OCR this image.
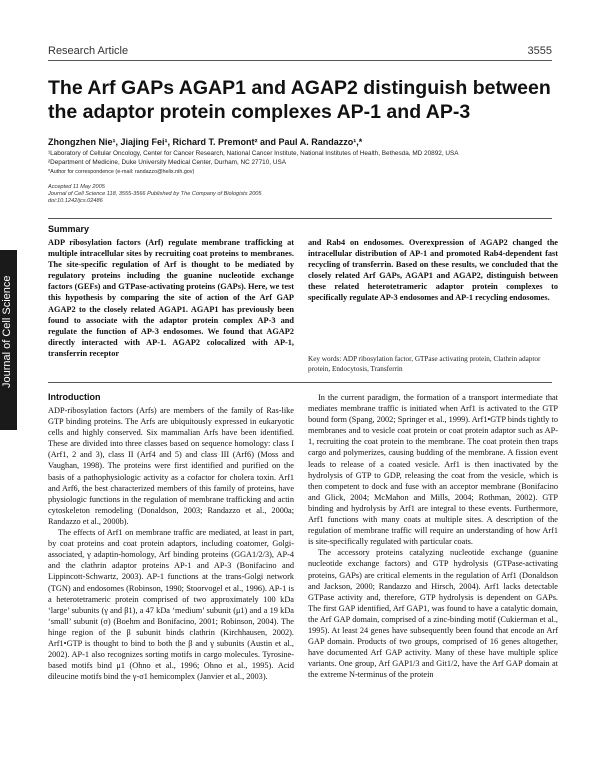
Research Article	3555
The Arf GAPs AGAP1 and AGAP2 distinguish between the adaptor protein complexes AP-1 and AP-3
Zhongzhen Nie¹, Jiajing Fei¹, Richard T. Premont² and Paul A. Randazzo¹,*
¹Laboratory of Cellular Oncology, Center for Cancer Research, National Cancer Institute, National Institutes of Health, Bethesda, MD 20892, USA
²Department of Medicine, Duke University Medical Center, Durham, NC 27710, USA
*Author for correspondence (e-mail: randazzo@helix.nih.gov)
Accepted 11 May 2005
Journal of Cell Science 118, 3555-3566 Published by The Company of Biologists 2005
doi:10.1242/jcs.02486
Journal of Cell Science
Summary
ADP ribosylation factors (Arf) regulate membrane trafficking at multiple intracellular sites by recruiting coat proteins to membranes. The site-specific regulation of Arf is thought to be mediated by regulatory proteins including the guanine nucleotide exchange factors (GEFs) and GTPase-activating proteins (GAPs). Here, we test this hypothesis by comparing the site of action of the Arf GAP AGAP2 to the closely related AGAP1. AGAP1 has previously been found to associate with the adaptor protein complex AP-3 and regulate the function of AP-3 endosomes. We found that AGAP2 directly interacted with AP-1. AGAP2 colocalized with AP-1, transferrin receptor
and Rab4 on endosomes. Overexpression of AGAP2 changed the intracellular distribution of AP-1 and promoted Rab4-dependent fast recycling of transferrin. Based on these results, we concluded that the closely related Arf GAPs, AGAP1 and AGAP2, distinguish between these related heterotetrameric adaptor protein complexes to specifically regulate AP-3 endosomes and AP-1 recycling endosomes.
Key words: ADP ribosylation factor, GTPase activating protein, Clathrin adaptor protein, Endocytosis, Transferrin
Introduction

ADP-ribosylation factors (Arfs) are members of the family of Ras-like GTP binding proteins. The Arfs are ubiquitously expressed in eukaryotic cells and highly conserved. Six mammalian Arfs have been identified. These are divided into three classes based on sequence homology: class I (Arf1, 2 and 3), class II (Arf4 and 5) and class III (Arf6) (Moss and Vaughan, 1998). The proteins were first identified and purified on the basis of a pathophysiologic activity as a cofactor for cholera toxin. Arf1 and Arf6, the best characterized members of this family of proteins, have physiologic functions in the regulation of membrane trafficking and actin cytoskeleton remodeling (Donaldson, 2003; Randazzo et al., 2000a; Randazzo et al., 2000b).

The effects of Arf1 on membrane traffic are mediated, at least in part, by coat proteins and coat protein adaptors, including coatomer, Golgi-associated, γ adaptin-homology, Arf binding proteins (GGA1/2/3), AP-4 and the clathrin adaptor proteins AP-1 and AP-3 (Bonifacino and Lippincott-Schwartz, 2003). AP-1 functions at the trans-Golgi network (TGN) and endosomes (Robinson, 1990; Stoorvogel et al., 1996). AP-1 is a heterotetrameric protein comprised of two approximately 100 kDa ‘large’ subunits (γ and β1), a 47 kDa ‘medium’ subunit (μ1) and a 19 kDa ‘small’ subunit (σ) (Boehm and Bonifacino, 2001; Robinson, 2004). The hinge region of the β subunit binds clathrin (Kirchhausen, 2002). Arf1•GTP is thought to bind to both the β and γ subunits (Austin et al., 2002). AP-1 also recognizes sorting motifs in cargo molecules. Tyrosine-based motifs bind μ1 (Ohno et al., 1996; Ohno et al., 1995). Acid dileucine motifs bind the γ-σ1 hemicomplex (Janvier et al., 2003).

In the current paradigm, the formation of a transport intermediate that mediates membrane traffic is initiated when Arf1 is activated to the GTP bound form (Spang, 2002; Springer et al., 1999). Arf1•GTP binds tightly to membranes and to vesicle coat protein or coat protein adaptor such as AP-1, recruiting the coat protein to the membrane. The coat protein then traps cargo and polymerizes, causing budding of the membrane. A fission event leads to release of a coated vesicle. Arf1 is then inactivated by the hydrolysis of GTP to GDP, releasing the coat from the vesicle, which is then competent to dock and fuse with an acceptor membrane (Bonifacino and Glick, 2004; McMahon and Mills, 2004; Rothman, 2002). GTP binding and hydrolysis by Arf1 are integral to these events. Furthermore, Arf1 functions with many coats at multiple sites. A description of the regulation of membrane traffic will require an understanding of how Arf1 is site-specifically regulated with particular coats.

The accessory proteins catalyzing nucleotide exchange (guanine nucleotide exchange factors) and GTP hydrolysis (GTPase-activating proteins, GAPs) are critical elements in the regulation of Arf1 (Donaldson and Jackson, 2000; Randazzo and Hirsch, 2004). Arf1 lacks detectable GTPase activity and, therefore, GTP hydrolysis is dependent on GAPs. The first GAP identified, Arf GAP1, was found to have a catalytic domain, the Arf GAP domain, comprised of a zinc-binding motif (Cukierman et al., 1995). At least 24 genes have subsequently been found that encode an Arf GAP domain. Products of two groups, comprised of 16 genes altogether, have documented Arf GAP activity. Many of these have multiple splice variants. One group, Arf GAP1/3 and Git1/2, have the Arf GAP domain at the extreme N-terminus of the protein
